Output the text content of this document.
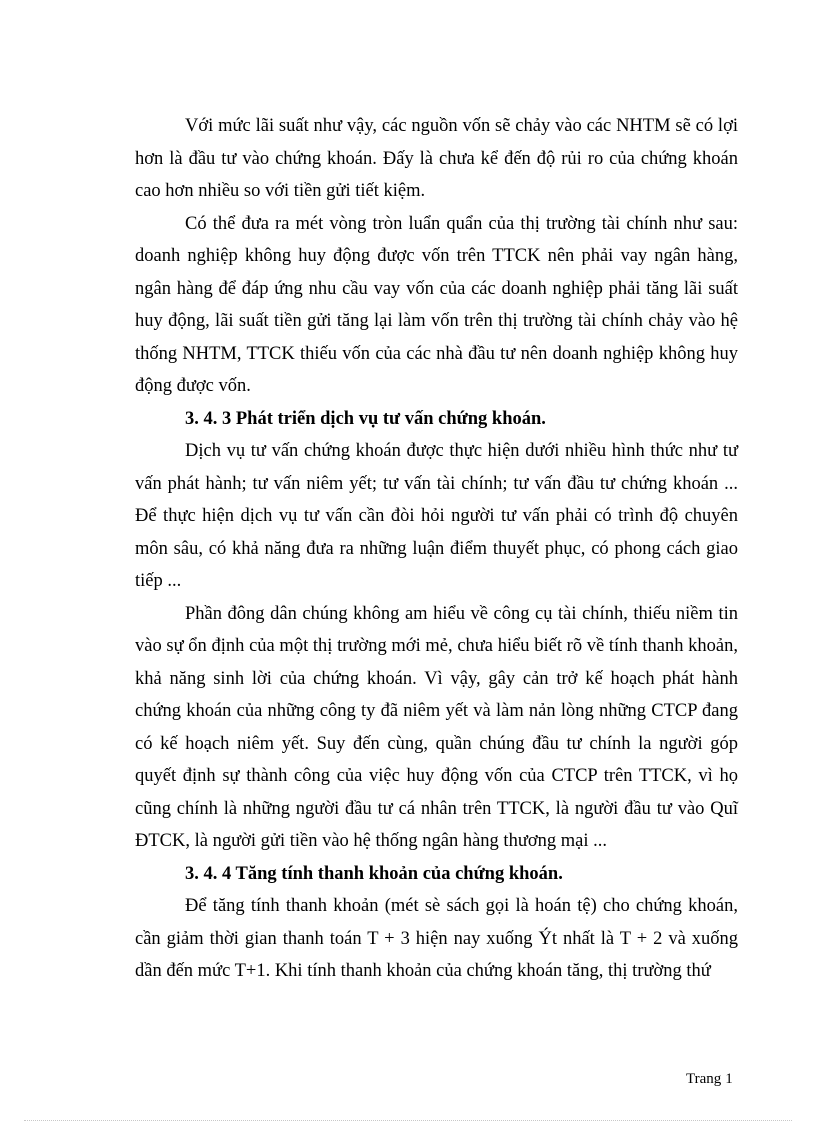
Với mức lãi suất như vậy, các nguồn vốn sẽ chảy vào các NHTM sẽ có lợi hơn là đầu tư vào chứng khoán. Đấy là chưa kể đến độ rủi ro của chứng khoán cao hơn nhiều so với tiền gửi tiết kiệm.

Có thể đưa ra mét vòng tròn luẩn quẩn của thị trường tài chính như sau: doanh nghiệp không huy động được vốn trên TTCK nên phải vay ngân hàng, ngân hàng để đáp ứng nhu cầu vay vốn của các doanh nghiệp phải tăng lãi suất huy động, lãi suất tiền gửi tăng lại làm vốn trên thị trường tài chính chảy vào hệ thống NHTM, TTCK thiếu vốn của các nhà đầu tư nên doanh nghiệp không huy động được vốn.

3. 4. 3 Phát triển dịch vụ tư vấn chứng khoán.

Dịch vụ tư vấn chứng khoán được thực hiện dưới nhiều hình thức như tư vấn phát hành; tư vấn niêm yết; tư vấn tài chính; tư vấn đầu tư chứng khoán ... Để thực hiện dịch vụ tư vấn cần đòi hỏi người tư vấn phải có trình độ chuyên môn sâu, có khả năng đưa ra những luận điểm thuyết phục, có phong cách giao tiếp ...

Phần đông dân chúng không am hiểu về công cụ tài chính, thiếu niềm tin vào sự ổn định của một thị trường mới mẻ, chưa hiểu biết rõ về tính thanh khoản, khả năng sinh lời của chứng khoán. Vì vậy, gây cản trở kế hoạch phát hành chứng khoán của những công ty đã niêm yết và làm nản lòng những CTCP đang có kế hoạch niêm yết. Suy đến cùng, quần chúng đầu tư chính la người góp quyết định sự thành công của việc huy động vốn của CTCP trên TTCK, vì họ cũng chính là những người đầu tư cá nhân trên TTCK, là người đầu tư vào Quĩ ĐTCK, là người gửi tiền vào hệ thống ngân hàng thương mại ...

3. 4. 4 Tăng tính thanh khoản của chứng khoán.

Để tăng tính thanh khoản (mét sè sách gọi là hoán tệ) cho chứng khoán, cần giảm thời gian thanh toán T + 3 hiện nay xuống Ýt nhất là T + 2 và xuống dần đến mức T+1. Khi tính thanh khoản của chứng khoán tăng, thị trường thứ

Trang 1
